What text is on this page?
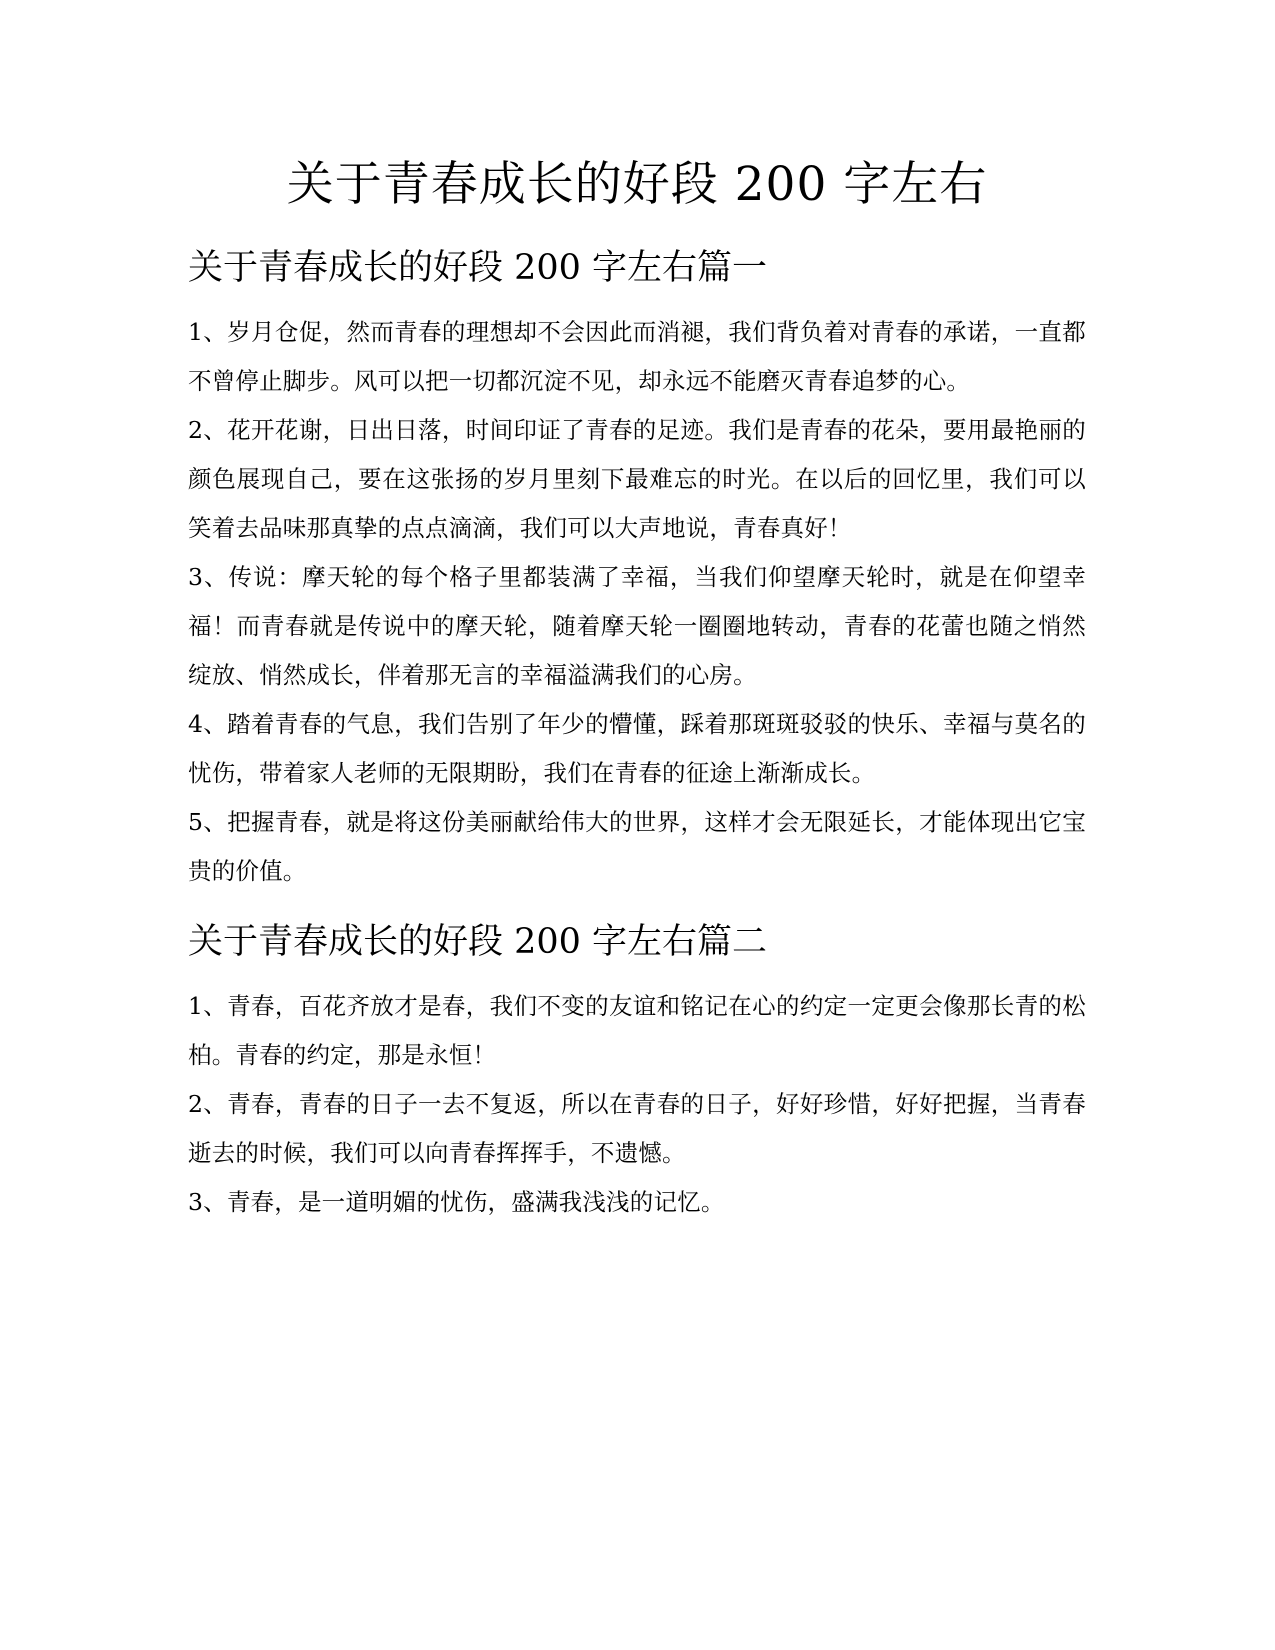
关于青春成长的好段 200 字左右
关于青春成长的好段 200 字左右篇一

1、岁月仓促，然而青春的理想却不会因此而消褪，我们背负着对青春的承诺，一直都不曾停止脚步。风可以把一切都沉淀不见，却永远不能磨灭青春追梦的心。

2、花开花谢，日出日落，时间印证了青春的足迹。我们是青春的花朵，要用最艳丽的颜色展现自己，要在这张扬的岁月里刻下最难忘的时光。在以后的回忆里，我们可以笑着去品味那真挚的点点滴滴，我们可以大声地说，青春真好！

3、传说：摩天轮的每个格子里都装满了幸福，当我们仰望摩天轮时，就是在仰望幸福！而青春就是传说中的摩天轮，随着摩天轮一圈圈地转动，青春的花蕾也随之悄然绽放、悄然成长，伴着那无言的幸福溢满我们的心房。

4、踏着青春的气息，我们告别了年少的懵懂，踩着那斑斑驳驳的快乐、幸福与莫名的忧伤，带着家人老师的无限期盼，我们在青春的征途上渐渐成长。

5、把握青春，就是将这份美丽献给伟大的世界，这样才会无限延长，才能体现出它宝贵的价值。

关于青春成长的好段 200 字左右篇二

1、青春，百花齐放才是春，我们不变的友谊和铭记在心的约定一定更会像那长青的松柏。青春的约定，那是永恒！

2、青春，青春的日子一去不复返，所以在青春的日子，好好珍惜，好好把握，当青春逝去的时候，我们可以向青春挥挥手，不遗憾。

3、青春，是一道明媚的忧伤，盛满我浅浅的记忆。
